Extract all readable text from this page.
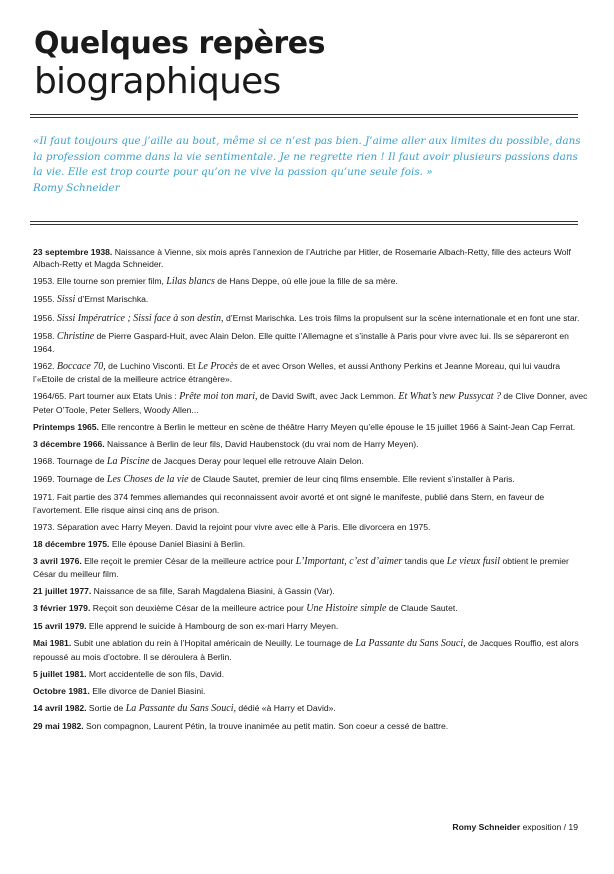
Quelques repères
biographiques

«Il faut toujours que j’aille au bout, même si ce n’est pas bien. J’aime aller aux limites du possible, dans la profession comme dans la vie sentimentale. Je ne regrette rien ! Il faut avoir plusieurs passions dans la vie. Elle est trop courte pour qu’on ne vive la passion qu’une seule fois. »
Romy Schneider

23 septembre 1938. Naissance à Vienne, six mois après l’annexion de l’Autriche par Hitler, de Rosemarie Albach-Retty, fille des acteurs Wolf Albach-Retty et Magda Schneider.

1953. Elle tourne son premier film, Lilas blancs de Hans Deppe, où elle joue la fille de sa mère.

1955. Sissi d’Ernst Marischka.

1956. Sissi Impératrice ; Sissi face à son destin, d’Ernst Marischka. Les trois films la propulsent sur la scène internationale et en font une star.

1958. Christine de Pierre Gaspard-Huit, avec Alain Delon. Elle quitte l’Allemagne et s’installe à Paris pour vivre avec lui. Ils se sépareront en 1964.

1962. Boccace 70, de Luchino Visconti. Et Le Procès de et avec Orson Welles, et aussi Anthony Perkins et Jeanne Moreau, qui lui vaudra l’«Etoile de cristal de la meilleure actrice étrangère».

1964/65. Part tourner aux Etats Unis : Prête moi ton mari, de David Swift, avec Jack Lemmon. Et What’s new Pussycat ? de Clive Donner, avec Peter O’Toole, Peter Sellers, Woody Allen...

Printemps 1965. Elle rencontre à Berlin le metteur en scène de théâtre Harry Meyen qu’elle épouse le 15 juillet 1966 à Saint-Jean Cap Ferrat.

3 décembre 1966. Naissance à Berlin de leur fils, David Haubenstock (du vrai nom de Harry Meyen).

1968. Tournage de La Piscine de Jacques Deray pour lequel elle retrouve Alain Delon.

1969. Tournage de Les Choses de la vie de Claude Sautet, premier de leur cinq films ensemble. Elle revient s’installer à Paris.

1971. Fait partie des 374 femmes allemandes qui reconnaissent avoir avorté et ont signé le manifeste, publié dans Stern, en faveur de l’avortement. Elle risque ainsi cinq ans de prison.

1973. Séparation avec Harry Meyen. David la rejoint pour vivre avec elle à Paris. Elle divorcera en 1975.

18 décembre 1975. Elle épouse Daniel Biasini à Berlin.

3 avril 1976. Elle reçoit le premier César de la meilleure actrice pour L’Important, c’est d’aimer tandis que Le vieux fusil obtient le premier César du meilleur film.

21 juillet 1977. Naissance de sa fille, Sarah Magdalena Biasini, à Gassin (Var).

3 février 1979. Reçoit son deuxième César de la meilleure actrice pour Une Histoire simple de Claude Sautet.

15 avril 1979. Elle apprend le suicide à Hambourg de son ex-mari Harry Meyen.

Mai 1981. Subit une ablation du rein à l’Hopital américain de Neuilly. Le tournage de La Passante du Sans Souci, de Jacques Rouffio, est alors repoussé au mois d’octobre. Il se déroulera à Berlin.

5 juillet 1981. Mort accidentelle de son fils, David.

Octobre 1981. Elle divorce de Daniel Biasini.

14 avril 1982. Sortie de La Passante du Sans Souci, dédié «à Harry et David».

29 mai 1982. Son compagnon, Laurent Pétin, la trouve inanimée au petit matin. Son coeur a cessé de battre.

Romy Schneider exposition / 19
